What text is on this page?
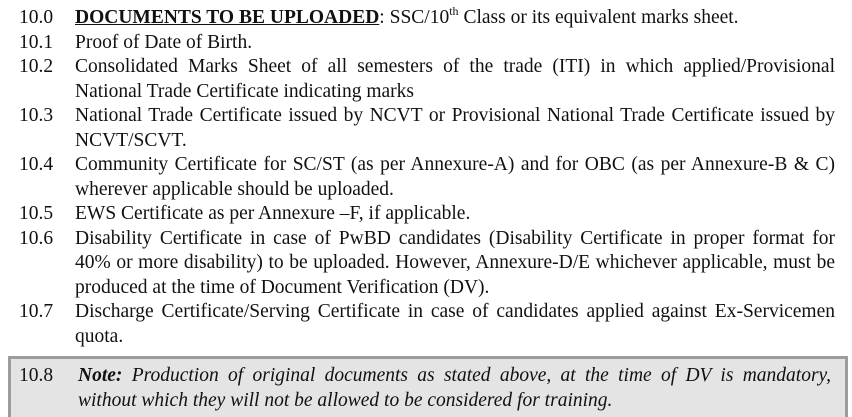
10.0	DOCUMENTS TO BE UPLOADED: SSC/10th Class or its equivalent marks sheet.
10.1	Proof of Date of Birth.
10.2	Consolidated Marks Sheet of all semesters of the trade (ITI) in which applied/Provisional National Trade Certificate indicating marks
10.3	National Trade Certificate issued by NCVT or Provisional National Trade Certificate issued by NCVT/SCVT.
10.4	Community Certificate for SC/ST (as per Annexure-A) and for OBC (as per Annexure-B & C) wherever applicable should be uploaded.
10.5	EWS Certificate as per Annexure –F, if applicable.
10.6	Disability Certificate in case of PwBD candidates (Disability Certificate in proper format for 40% or more disability) to be uploaded. However, Annexure-D/E whichever applicable, must be produced at the time of Document Verification (DV).
10.7	Discharge Certificate/Serving Certificate in case of candidates applied against Ex-Servicemen quota.
10.8	Note: Production of original documents as stated above, at the time of DV is mandatory, without which they will not be allowed to be considered for training.
